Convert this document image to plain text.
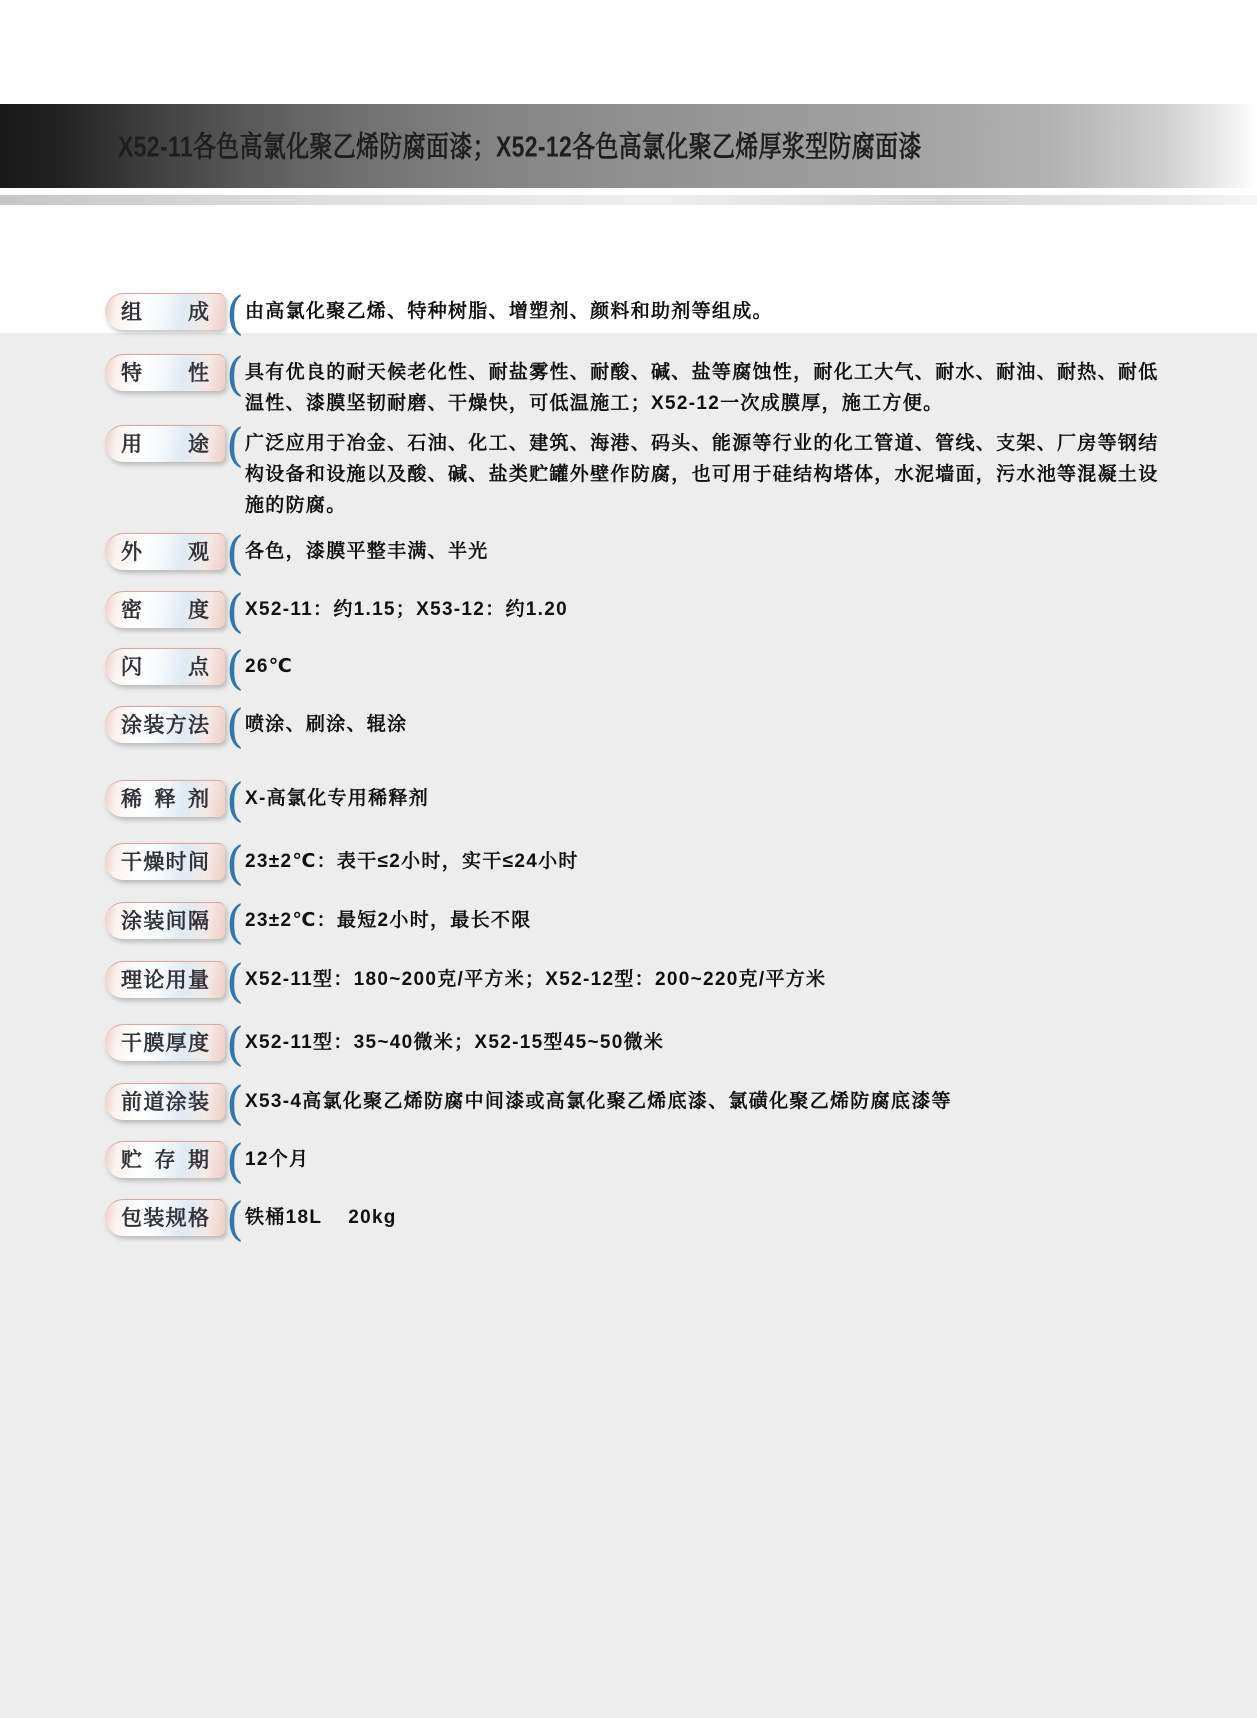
X52-11各色高氯化聚乙烯防腐面漆；X52-12各色高氯化聚乙烯厚浆型防腐面漆
组成 (	由高氯化聚乙烯、特种树脂、增塑剂、颜料和助剂等组成。
特性 (	具有优良的耐天候老化性、耐盐雾性、耐酸、碱、盐等腐蚀性，耐化工大气、耐水、耐油、耐热、耐低温性、漆膜坚韧耐磨、干燥快，可低温施工；X52-12一次成膜厚，施工方便。
用途 (	广泛应用于冶金、石油、化工、建筑、海港、码头、能源等行业的化工管道、管线、支架、厂房等钢结构设备和设施以及酸、碱、盐类贮罐外壁作防腐，也可用于硅结构塔体，水泥墙面，污水池等混凝土设施的防腐。
外观 (	各色，漆膜平整丰满、半光
密度 (	X52-11：约1.15；X53-12：约1.20
闪点 (	26℃
涂装方法 (	喷涂、刷涂、辊涂
稀释剂 (	X-高氯化专用稀释剂
干燥时间 (	23±2℃：表干≤2小时，实干≤24小时
涂装间隔 (	23±2℃：最短2小时，最长不限
理论用量 (	X52-11型：180~200克/平方米；X52-12型：200~220克/平方米
干膜厚度 (	X52-11型：35~40微米；X52-15型45~50微米
前道涂装 (	X53-4高氯化聚乙烯防腐中间漆或高氯化聚乙烯底漆、氯磺化聚乙烯防腐底漆等
贮存期 (	12个月
包装规格 (	铁桶18L    20kg
